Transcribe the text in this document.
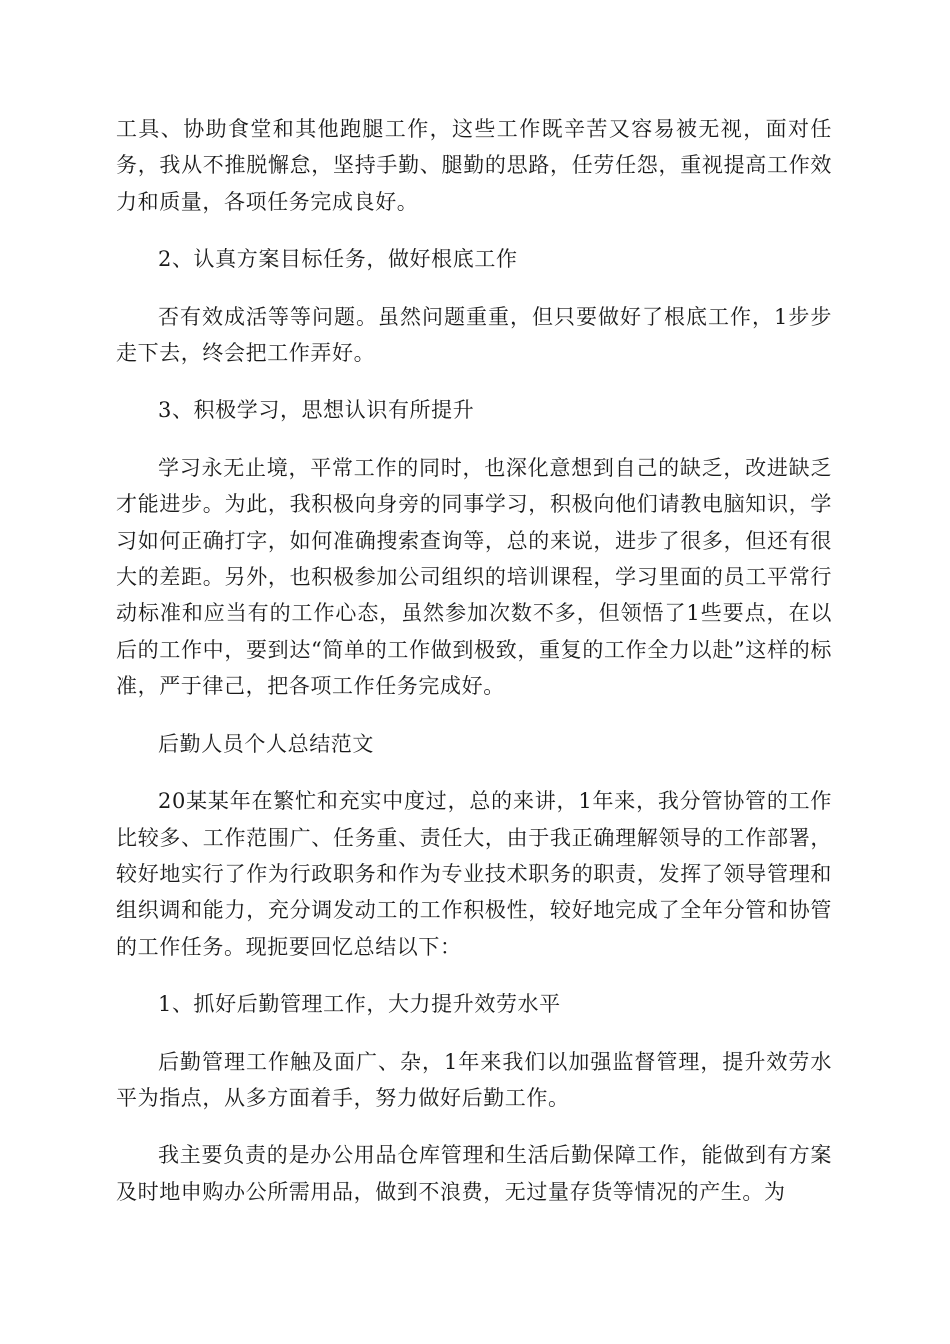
工具、协助食堂和其他跑腿工作，这些工作既辛苦又容易被无视，面对任务，我从不推脱懈怠，坚持手勤、腿勤的思路，任劳任怨，重视提高工作效力和质量，各项任务完成良好。

2、认真方案目标任务，做好根底工作

否有效成活等等问题。虽然问题重重，但只要做好了根底工作，1步步走下去，终会把工作弄好。

3、积极学习，思想认识有所提升

学习永无止境，平常工作的同时，也深化意想到自己的缺乏，改进缺乏才能进步。为此，我积极向身旁的同事学习，积极向他们请教电脑知识，学习如何正确打字，如何准确搜索查询等，总的来说，进步了很多，但还有很大的差距。另外，也积极参加公司组织的培训课程，学习里面的员工平常行动标准和应当有的工作心态，虽然参加次数不多，但领悟了1些要点，在以后的工作中，要到达“简单的工作做到极致，重复的工作全力以赴”这样的标准，严于律己，把各项工作任务完成好。

后勤人员个人总结范文

20某某年在繁忙和充实中度过，总的来讲，1年来，我分管协管的工作比较多、工作范围广、任务重、责任大，由于我正确理解领导的工作部署，较好地实行了作为行政职务和作为专业技术职务的职责，发挥了领导管理和组织调和能力，充分调发动工的工作积极性，较好地完成了全年分管和协管的工作任务。现扼要回忆总结以下：

1、抓好后勤管理工作，大力提升效劳水平

后勤管理工作触及面广、杂，1年来我们以加强监督管理，提升效劳水平为指点，从多方面着手，努力做好后勤工作。

我主要负责的是办公用品仓库管理和生活后勤保障工作，能做到有方案及时地申购办公所需用品，做到不浪费，无过量存货等情况的产生。为
